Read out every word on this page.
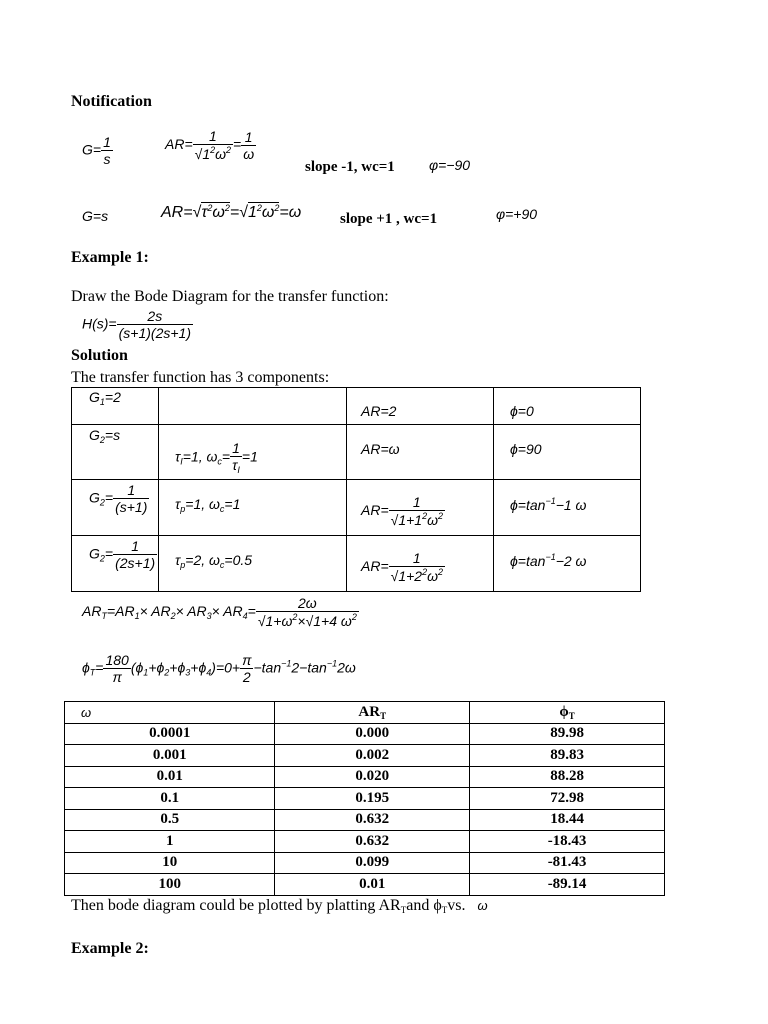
Notification
$G= \frac{1}{s}$	$AR= \frac{1}{√1^2\omega^2} = \frac{1}{\omega}$
slope -1, wc=1 φ=−90
G=s	$AR=√\tau^2\omega^2=√1^2\omega^2=\omega$	slope +1 , wc=1	φ=+90
Example 1:
Draw the Bode Diagram for the transfer function:
$H(s)= \frac{2s}{(s+1)(2s+1)}$
Solution
The transfer function has 3 components:
$G_1=2$		AR=2	ϕ=0

$G_2=s$	$\tau_I=1$, $\omega_c= \frac{1}{\tau_I} =1$	AR=ω	ϕ=90

$G_2= \frac{1}{(s+1)}$	$\tau_p=1$, $\omega_c=1$	$AR= \frac{1}{√1+1^2\omega^2}$	$\phi=\tan^{-1}-1$ ω

$G_2= \frac{1}{(2s+1)}$	$\tau_p=2$, $\omega_c=0.5$	$AR= \frac{1}{√1+2^2\omega^2}$	$\phi=\tan^{-1}-2$ ω
$AR_T=AR_1\times AR_2\times AR_3\times AR_4= \frac{2\omega}{√1+\omega^2\times√1+4 \omega^2}$
$\phi_T= \frac{180}{\pi} (\phi_1+\phi_2+\phi_3+\phi_4)=0+ \frac{\pi}{2} -\tan^{-1}2-\tan^{-1}2\omega$
ω	$AR_T$	$\phi_T$
0.0001	0.000	89.98
0.001	0.002	89.83
0.01	0.020	88.28
0.1	0.195	72.98
0.5	0.632	18.44
1	0.632	-18.43
10	0.099	-81.43
100	0.01	-89.14
Then bode diagram could be plotted by platting $AR_Tand$ $\phi_Tvs$. ω
Example 2:
